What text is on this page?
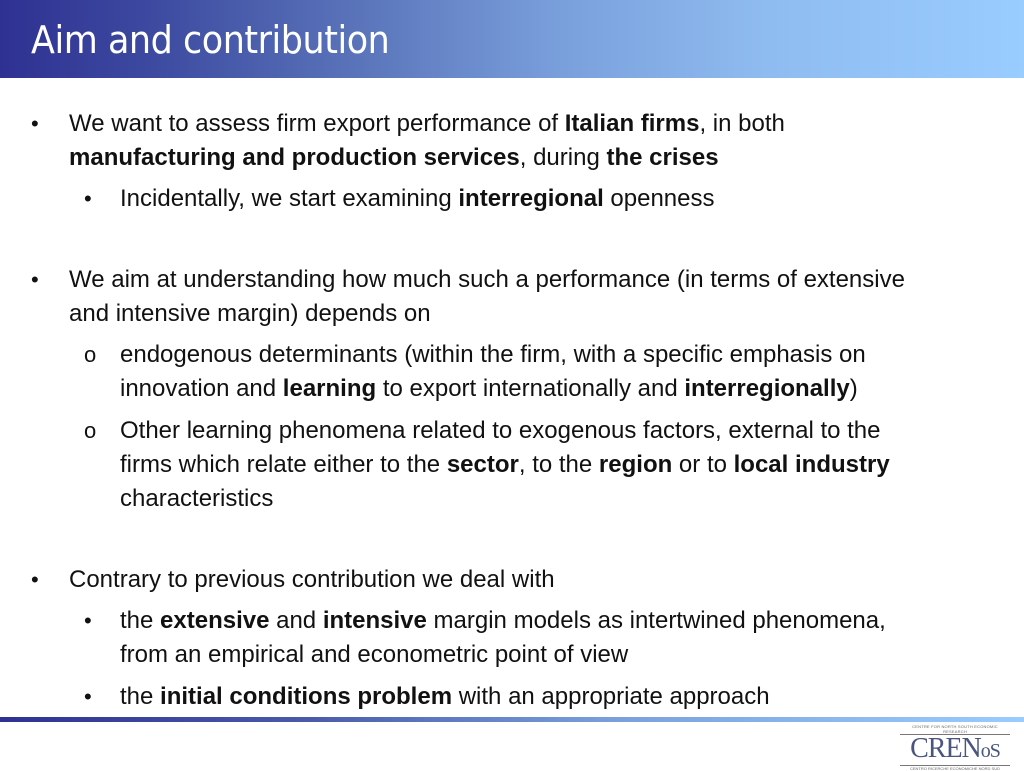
Aim and contribution
• We want to assess firm export performance of Italian firms, in both
manufacturing and production services, during the crises
• Incidentally, we start examining interregional openness
• We aim at understanding how much such a performance (in terms of extensive
and intensive margin) depends on
o endogenous determinants (within the firm, with a specific emphasis on
innovation and learning to export internationally and interregionally)
o Other learning phenomena related to exogenous factors, external to the
firms which relate either to the sector, to the region or to local industry
characteristics
• Contrary to previous contribution we deal with
• the extensive and intensive margin models as intertwined phenomena,
from an empirical and econometric point of view
• the initial conditions problem with an appropriate approach
CENTRE FOR NORTH SOUTH ECONOMIC RESEARCH
CRENoS
CENTRO RICERCHE ECONOMICHE NORD SUD
